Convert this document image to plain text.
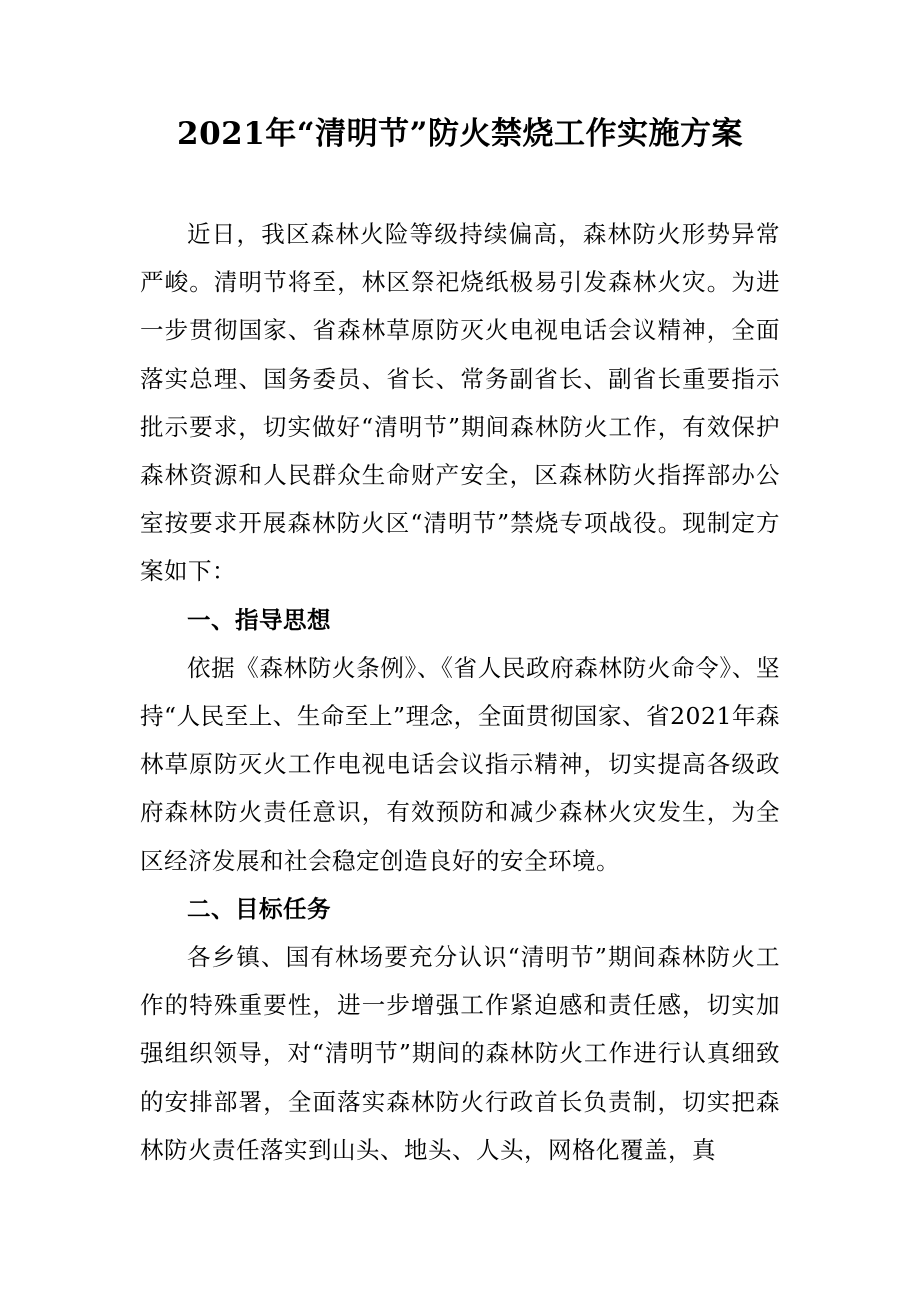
2021年“清明节”防火禁烧工作实施方案

近日，我区森林火险等级持续偏高，森林防火形势异常严峻。清明节将至，林区祭祀烧纸极易引发森林火灾。为进一步贯彻国家、省森林草原防灭火电视电话会议精神，全面落实总理、国务委员、省长、常务副省长、副省长重要指示批示要求，切实做好“清明节”期间森林防火工作，有效保护森林资源和人民群众生命财产安全，区森林防火指挥部办公室按要求开展森林防火区“清明节”禁烧专项战役。现制定方案如下：

一、指导思想

依据《森林防火条例》、《省人民政府森林防火命令》、坚持“人民至上、生命至上”理念，全面贯彻国家、省2021年森林草原防灭火工作电视电话会议指示精神，切实提高各级政府森林防火责任意识，有效预防和减少森林火灾发生，为全区经济发展和社会稳定创造良好的安全环境。

二、目标任务

各乡镇、国有林场要充分认识“清明节”期间森林防火工作的特殊重要性，进一步增强工作紧迫感和责任感，切实加强组织领导，对“清明节”期间的森林防火工作进行认真细致的安排部署，全面落实森林防火行政首长负责制，切实把森林防火责任落实到山头、地头、人头，网格化覆盖，真
